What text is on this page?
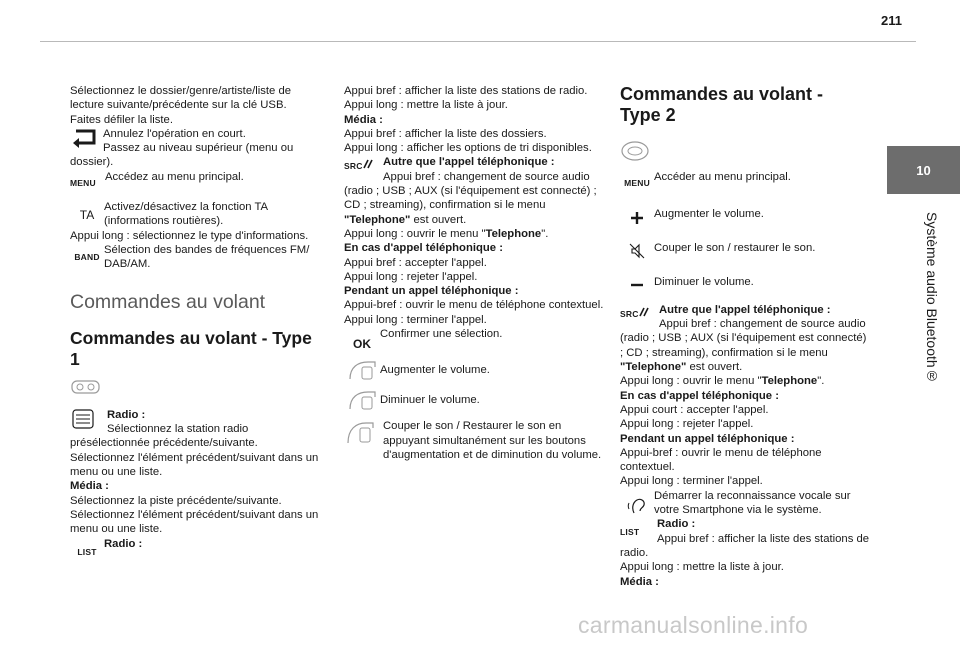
211
10
Système audio Bluetooth®

Sélectionnez le dossier/genre/artiste/liste de lecture suivante/précédente sur la clé USB.

Faites défiler la liste.

Annulez l'opération en court.

Passez au niveau supérieur (menu ou dossier).

MENU Accédez au menu principal.

TA
Activez/désactivez la fonction TA (informations routières).

Appui long : sélectionnez le type d'informations.

BAND
Sélection des bandes de fréquences FM/ DAB/AM.
Commandes au volant
Commandes au volant - Type 1

Radio :

Sélectionnez la station radio présélectionnée précédente/suivante.

Sélectionnez l'élément précédent/suivant dans un menu ou une liste.

Média :

Sélectionnez la piste précédente/suivante.

Sélectionnez l'élément précédent/suivant dans un menu ou une liste.

LIST
Radio :

Appui bref : afficher la liste des stations de radio.

Appui long : mettre la liste à jour.

Média :

Appui bref : afficher la liste des dossiers.

Appui long : afficher les options de tri disponibles.

SRC	Autre que l'appel téléphonique :

Appui bref : changement de source audio (radio ; USB ; AUX (si l'équipement est connecté) ; CD ; streaming), confirmation si le menu "Telephone" est ouvert.

Appui long : ouvrir le menu "Telephone".

En cas d'appel téléphonique :

Appui bref : accepter l'appel.

Appui long : rejeter l'appel.

Pendant un appel téléphonique :

Appui-bref : ouvrir le menu de téléphone contextuel.

Appui long : terminer l'appel.

OK
Confirmer une sélection.
Augmenter le volume.
Diminuer le volume.

Couper le son / Restaurer le son en appuyant simultanément sur les boutons d'augmentation et de diminution du volume.

Commandes au volant - Type 2
MENU Accéder au menu principal.
Augmenter le volume.
Couper le son / restaurer le son.
Diminuer le volume.
SRC	Autre que l'appel téléphonique :

Appui bref : changement de source audio (radio ; USB ; AUX (si l'équipement est connecté) ; CD ; streaming), confirmation si le menu "Telephone" est ouvert.

Appui long : ouvrir le menu "Telephone".

En cas d'appel téléphonique :

Appui court : accepter l'appel.

Appui long : rejeter l'appel.

Pendant un appel téléphonique :

Appui-bref : ouvrir le menu de téléphone contextuel.

Appui long : terminer l'appel.

Démarrer la reconnaissance vocale sur votre Smartphone via le système.
LIST

Radio :

Appui bref : afficher la liste des stations de radio.

Appui long : mettre la liste à jour.

Média :

carmanualsonline.info
